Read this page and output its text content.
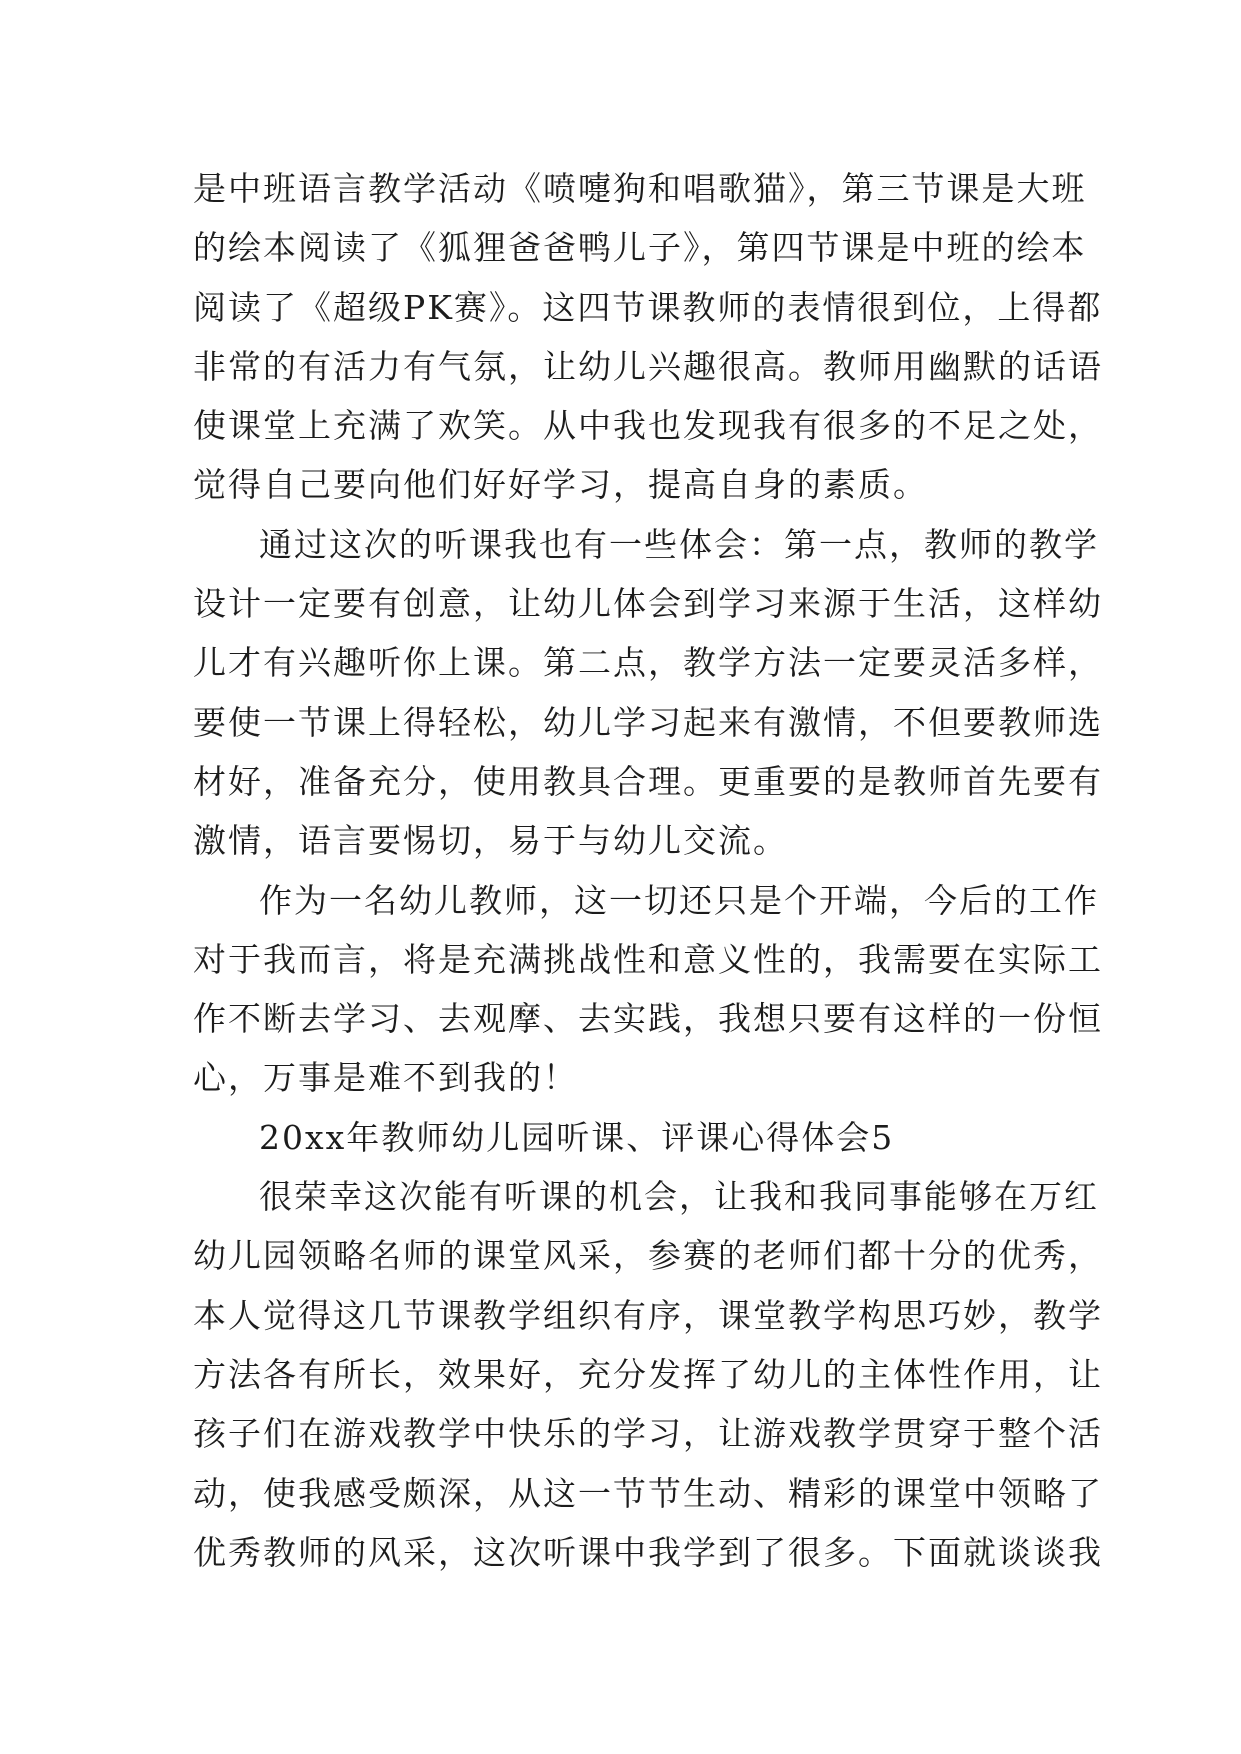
是中班语言教学活动《喷嚏狗和唱歌猫》，第三节课是大班
的绘本阅读了《狐狸爸爸鸭儿子》，第四节课是中班的绘本
阅读了《超级PK赛》。这四节课教师的表情很到位，上得都
非常的有活力有气氛，让幼儿兴趣很高。教师用幽默的话语
使课堂上充满了欢笑。从中我也发现我有很多的不足之处，
觉得自己要向他们好好学习，提高自身的素质。
通过这次的听课我也有一些体会：第一点，教师的教学
设计一定要有创意，让幼儿体会到学习来源于生活，这样幼
儿才有兴趣听你上课。第二点，教学方法一定要灵活多样，
要使一节课上得轻松，幼儿学习起来有激情，不但要教师选
材好，准备充分，使用教具合理。更重要的是教师首先要有
激情，语言要惕切，易于与幼儿交流。
作为一名幼儿教师，这一切还只是个开端，今后的工作
对于我而言，将是充满挑战性和意义性的，我需要在实际工
作不断去学习、去观摩、去实践，我想只要有这样的一份恒
心，万事是难不到我的！
20xx年教师幼儿园听课、评课心得体会5
很荣幸这次能有听课的机会，让我和我同事能够在万红
幼儿园领略名师的课堂风采，参赛的老师们都十分的优秀，
本人觉得这几节课教学组织有序，课堂教学构思巧妙，教学
方法各有所长，效果好，充分发挥了幼儿的主体性作用，让
孩子们在游戏教学中快乐的学习，让游戏教学贯穿于整个活
动，使我感受颇深，从这一节节生动、精彩的课堂中领略了
优秀教师的风采，这次听课中我学到了很多。下面就谈谈我
